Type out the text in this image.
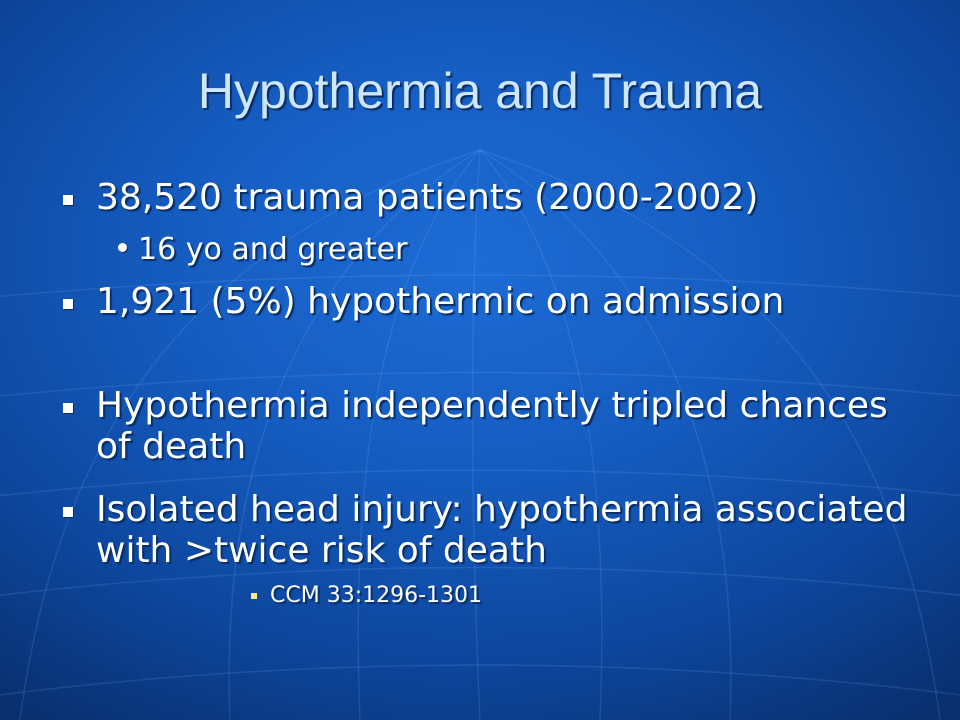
Hypothermia and Trauma
38,520 trauma patients (2000-2002)
16 yo and greater
1,921 (5%) hypothermic on admission
Hypothermia independently tripled chances of death
Isolated head injury: hypothermia associated with >twice risk of death
CCM 33:1296-1301
